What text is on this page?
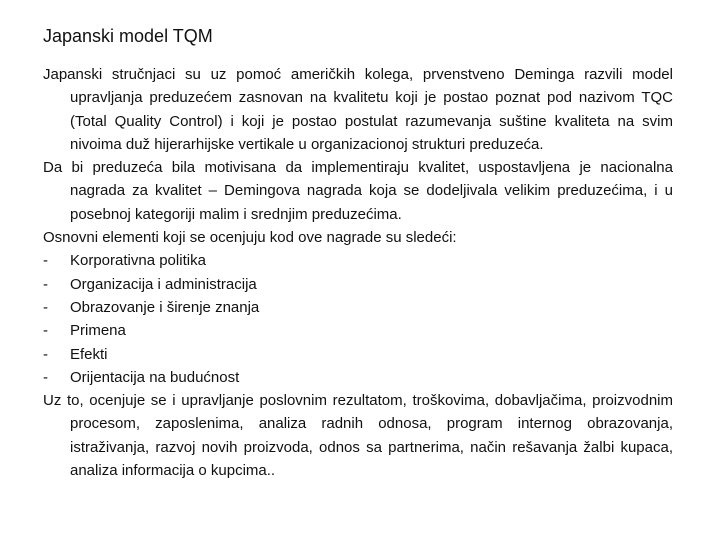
Japanski model TQM

Japanski stručnjaci su uz pomoć američkih kolega, prvenstveno Deminga razvili model upravljanja preduzećem zasnovan na kvalitetu koji je postao poznat pod nazivom TQC (Total Quality Control) i koji je postao postulat razumevanja suštine kvaliteta na svim nivoima duž hijerarhijske vertikale u organizacionoj strukturi preduzeća.

Da bi preduzeća bila motivisana da implementiraju kvalitet, uspostavljena je nacionalna nagrada za kvalitet – Demingova nagrada koja se dodeljivala velikim preduzećima, i u posebnoj kategoriji malim i srednjim preduzećima.

Osnovni elementi koji se ocenjuju kod ove nagrade su sledeći:

-	Korporativna politika
-	Organizacija i administracija
-	Obrazovanje i širenje znanja
-	Primena
-	Efekti
-	Orijentacija na budućnost

Uz to, ocenjuje se i upravljanje poslovnim rezultatom, troškovima, dobavljačima, proizvodnim procesom, zaposlenima, analiza radnih odnosa, program internog obrazovanja, istraživanja, razvoj novih proizvoda, odnos sa partnerima, način rešavanja žalbi kupaca, analiza informacija o kupcima..
